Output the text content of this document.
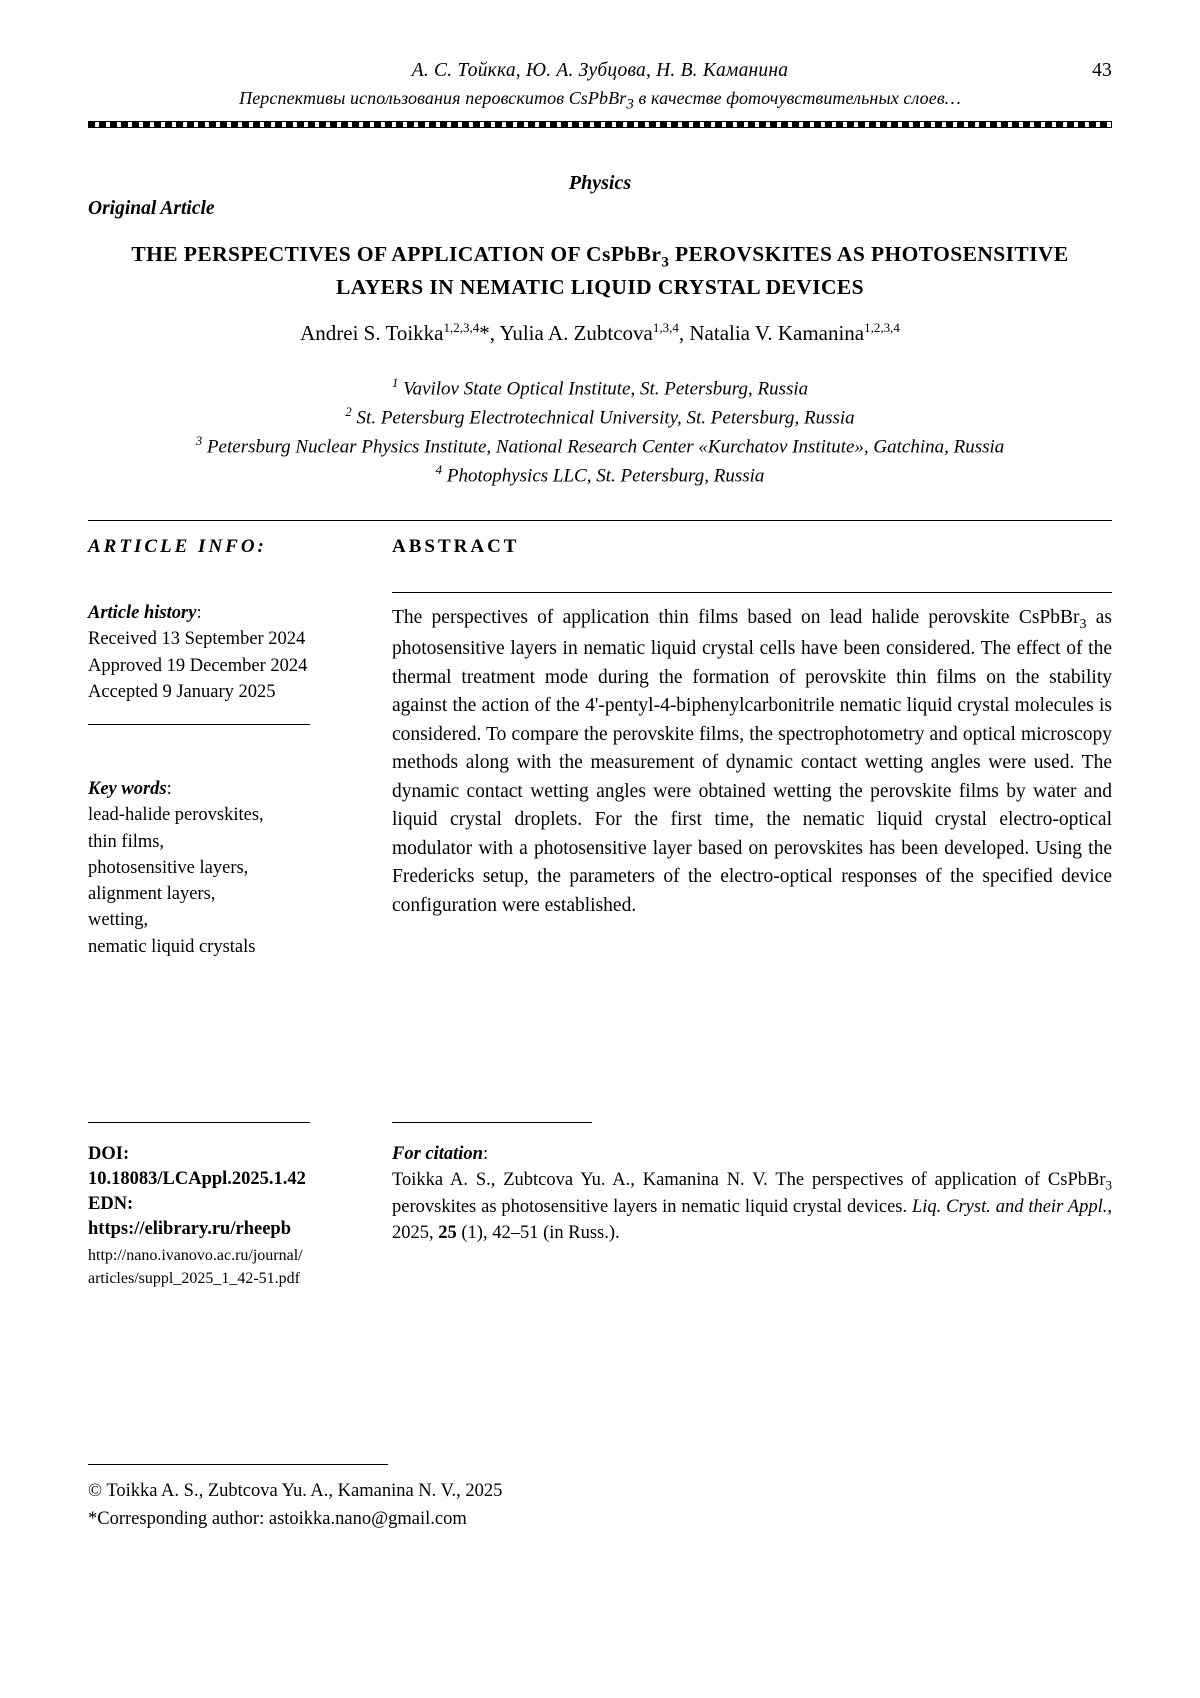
А. С. Тойкка, Ю. А. Зубцова, Н. В. Каманина	43
Перспективы использования перовскитов CsPbBr$_3$ в качестве фоточувствительных слоев…
Physics
Original Article
THE PERSPECTIVES OF APPLICATION OF CsPbBr$_3$ PEROVSKITES AS PHOTOSENSITIVE
LAYERS IN NEMATIC LIQUID CRYSTAL DEVICES
Andrei S. Toikka$^{1,2,3,4}$*, Yulia A. Zubtcova$^{1,3,4}$, Natalia V. Kamanina$^{1,2,3,4}$
$^1$ Vavilov State Optical Institute, St. Petersburg, Russia
$^2$ St. Petersburg Electrotechnical University, St. Petersburg, Russia
$^3$ Petersburg Nuclear Physics Institute, National Research Center «Kurchatov Institute», Gatchina, Russia
$^4$ Photophysics LLC, St. Petersburg, Russia
ARTICLE INFO:	ABSTRACT
Article history:
Received 13 September 2024
Approved 19 December 2024
Accepted 9 January 2025
Key words:
lead-halide perovskites,
thin films,
photosensitive layers,
alignment layers,
wetting,
nematic liquid crystals
DOI:
10.18083/LCAppl.2025.1.42
EDN:
https://elibrary.ru/rheepb
http://nano.ivanovo.ac.ru/journal/
articles/suppl_2025_1_42-51.pdf
The perspectives of application thin films based on lead halide perovskite CsPbBr$_3$ as photosensitive layers in nematic liquid crystal cells have been considered. The effect of the thermal treatment mode during the formation of perovskite thin films on the stability against the action of the 4'-pentyl-4-biphenylcarbonitrile nematic liquid crystal molecules is considered. To compare the perovskite films, the spectrophotometry and optical microscopy methods along with the measurement of dynamic contact wetting angles were used. The dynamic contact wetting angles were obtained wetting the perovskite films by water and liquid crystal droplets. For the first time, the nematic liquid crystal electro-optical modulator with a photosensitive layer based on perovskites has been developed. Using the Fredericks setup, the parameters of the electro-optical responses of the specified device configuration were established.
For citation:
Toikka A. S., Zubtcova Yu. A., Kamanina N. V. The perspectives of application of CsPbBr$_3$ perovskites as photosensitive layers in nematic liquid crystal devices. Liq. Cryst. and their Appl., 2025, 25 (1), 42–51 (in Russ.).
© Toikka A. S., Zubtcova Yu. A., Kamanina N. V., 2025
*Corresponding author: astoikka.nano@gmail.com
